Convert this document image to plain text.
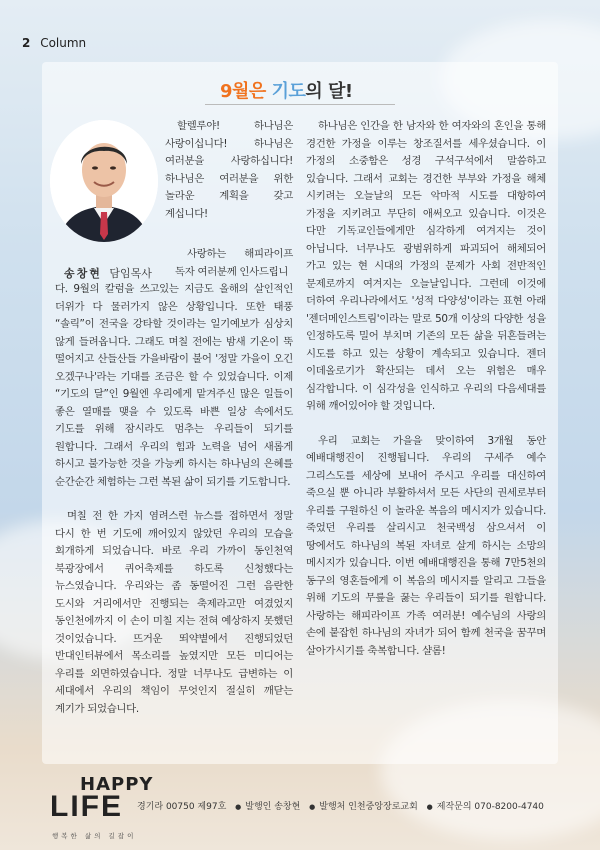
2 Column
9월은 기도의 달!
송창현 담임목사

할렐루야! 하나님은 사랑이십니다! 하나님은 여러분을 사랑하십니다! 하나님은 여러분을 위한 놀라운 계획을 갖고 계십니다!

사랑하는 해피라이프 독자 여러분께 인사드립니

다. 9월의 칼럼을 쓰고있는 지금도 올해의 살인적인 더위가 다 물러가지 않은 상황입니다. 또한 태풍 “솔릭”이 전국을 강타할 것이라는 일기예보가 심상치 않게 들려옵니다. 그래도 며칠 전에는 밤새 기온이 뚝 떨어지고 산들산들 가을바람이 불어 '정말 가을이 오긴 오겠구나'라는 기대를 조금은 할 수 있었습니다. 이제 “기도의 달”인 9월엔 우리에게 맡겨주신 많은 일들이 좋은 열매를 맺을 수 있도록 바쁜 일상 속에서도 기도를 위해 잠시라도 멈추는 우리들이 되기를 원합니다. 그래서 우리의 힘과 노력을 넘어 새롭게 하시고 불가능한 것을 가능케 하시는 하나님의 은혜를 순간순간 체험하는 그런 복된 삶이 되기를 기도합니다.

며칠 전 한 가지 염려스런 뉴스를 접하면서 정말 다시 한 번 기도에 깨어있지 않았던 우리의 모습을 회개하게 되었습니다. 바로 우리 가까이 동인천역 북광장에서 퀴어축제를 하도록 신청했다는 뉴스였습니다. 우리와는 좀 동떨어진 그런 음란한 도시와 거리에서만 진행되는 축제라고만 여겼었지 동인천에까지 이 손이 미칠 지는 전혀 예상하지 못했던 것이었습니다. 뜨거운 뙤약볕에서 진행되었던 반대인터뷰에서 목소리를 높였지만 모든 미디어는 우리를 외면하였습니다. 정말 너무나도 급변하는 이 세대에서 우리의 책임이 무엇인지 절실히 깨닫는 계기가 되었습니다.

하나님은 인간을 한 남자와 한 여자와의 혼인을 통해 경건한 가정을 이루는 창조질서를 세우셨습니다. 이 가정의 소중함은 성경 구석구석에서 말씀하고 있습니다. 그래서 교회는 경건한 부부와 가정을 해체 시키려는 오늘날의 모든 악마적 시도를 대항하여 가정을 지키려고 무단히 애써오고 있습니다. 이것은 다만 기독교인들에게만 심각하게 여겨지는 것이 아닙니다. 너무나도 광범위하게 파괴되어 해체되어 가고 있는 현 시대의 가정의 문제가 사회 전반적인 문제로까지 여겨지는 오늘날입니다. 그런데 이것에 더하여 우리나라에서도 '성적 다양성'이라는 표현 아래 '젠더메인스트림'이라는 말로 50개 이상의 다양한 성을 인정하도록 밀어 부치며 기존의 모든 삶을 뒤흔들려는 시도를 하고 있는 상황이 계속되고 있습니다. 젠더 이데올로기가 확산되는 데서 오는 위험은 매우 심각합니다. 이 심각성을 인식하고 우리의 다음세대를 위해 깨어있어야 할 것입니다.

우리 교회는 가을을 맞이하여 3개월 동안 예배대행진이 진행됩니다. 우리의 구세주 예수 그리스도를 세상에 보내어 주시고 우리를 대신하여 죽으실 뿐 아니라 부활하셔서 모든 사단의 권세로부터 우리를 구원하신 이 놀라운 복음의 메시지가 있습니다. 죽었던 우리를 살리시고 천국백성 삼으셔서 이 땅에서도 하나님의 복된 자녀로 살게 하시는 소망의 메시지가 있습니다. 이번 예배대행진을 통해 7만5천의 동구의 영혼들에게 이 복음의 메시지를 알리고 그들을 위해 기도의 무릎을 꿇는 우리들이 되기를 원합니다. 사랑하는 해피라이프 가족 여러분! 예수님의 사랑의 손에 붙잡힌 하나님의 자녀가 되어 함께 천국을 꿈꾸며 살아가시기를 축복합니다. 샬롬!

HAPPY
LIFE
행복한 삶의 길잡이
경기라 00750 제97호 ● 발행인 송창현 ● 발행처 인천중앙장로교회 ● 제작문의 070-8200-4740
